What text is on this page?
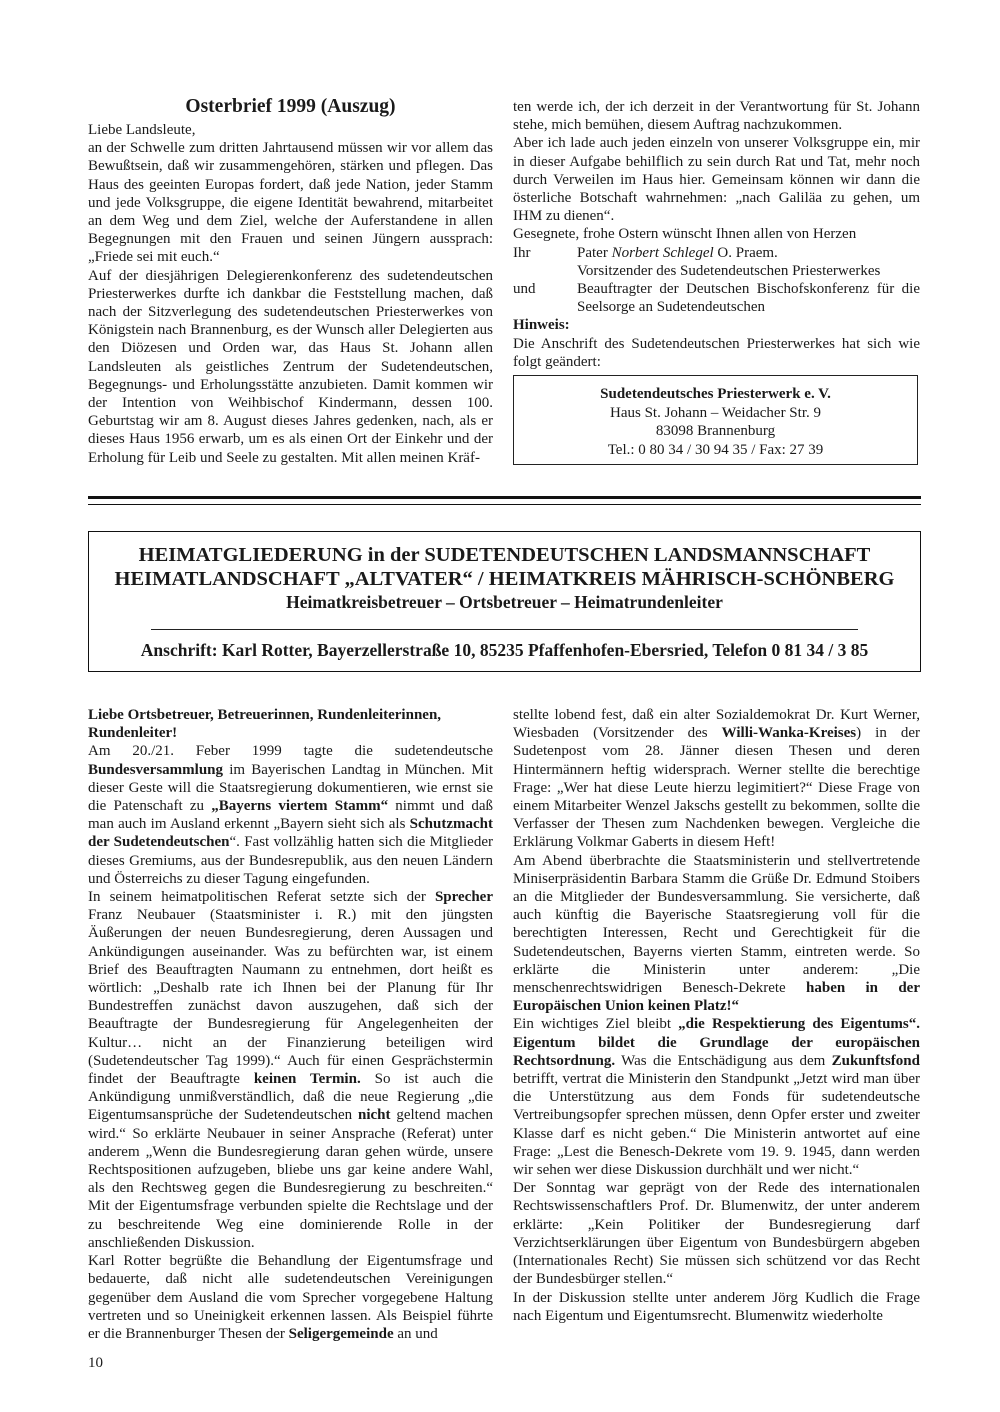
Osterbrief 1999 (Auszug)

Liebe Landsleute,

an der Schwelle zum dritten Jahrtausend müssen wir vor allem das Bewußtsein, daß wir zusammengehören, stärken und pflegen. Das Haus des geeinten Europas fordert, daß jede Nation, jeder Stamm und jede Volksgruppe, die eigene Identität bewahrend, mitarbeitet an dem Weg und dem Ziel, welche der Auferstandene in allen Begegnungen mit den Frauen und seinen Jüngern aussprach: „Friede sei mit euch.“

Auf der diesjährigen Delegierenkonferenz des sudetendeutschen Priesterwerkes durfte ich dankbar die Feststellung machen, daß nach der Sitzverlegung des sudetendeutschen Priesterwerkes von Königstein nach Brannenburg, es der Wunsch aller Delegierten aus den Diözesen und Orden war, das Haus St. Johann allen Landsleuten als geistliches Zentrum der Sudetendeutschen, Begegnungs- und Erholungsstätte anzubieten. Damit kommen wir der Intention von Weihbischof Kindermann, dessen 100. Geburtstag wir am 8. August dieses Jahres gedenken, nach, als er dieses Haus 1956 erwarb, um es als einen Ort der Einkehr und der Erholung für Leib und Seele zu gestalten. Mit allen meinen Kräf-

ten werde ich, der ich derzeit in der Verantwortung für St. Johann stehe, mich bemühen, diesem Auftrag nachzukommen.

Aber ich lade auch jeden einzeln von unserer Volksgruppe ein, mir in dieser Aufgabe behilflich zu sein durch Rat und Tat, mehr noch durch Verweilen im Haus hier. Gemeinsam können wir dann die österliche Botschaft wahrnehmen: „nach Galiläa zu gehen, um IHM zu dienen“.

Gesegnete, frohe Ostern wünscht Ihnen allen von Herzen

Ihr	Pater Norbert Schlegel O. Praem.
Vorsitzender des Sudetendeutschen Priesterwerkes
und	Beauftragter der Deutschen Bischofskonferenz für die Seelsorge an Sudetendeutschen

Hinweis:

Die Anschrift des Sudetendeutschen Priesterwerkes hat sich wie folgt geändert:

Sudetendeutsches Priesterwerk e. V.
Haus St. Johann – Weidacher Str. 9
83098 Brannenburg
Tel.: 0 80 34 / 30 94 35 / Fax: 27 39
HEIMATGLIEDERUNG in der SUDETENDEUTSCHEN LANDSMANNSCHAFT
HEIMATLANDSCHAFT „ALTVATER“ / HEIMATKREIS MÄHRISCH-SCHÖNBERG
Heimatkreisbetreuer – Ortsbetreuer – Heimatrundenleiter
Anschrift: Karl Rotter, Bayerzellerstraße 10, 85235 Pfaffenhofen-Ebersried, Telefon 0 81 34 / 3 85

Liebe Ortsbetreuer, Betreuerinnen, Rundenleiterinnen, Rundenleiter!

Am 20./21. Feber 1999 tagte die sudetendeutsche Bundesversammlung im Bayerischen Landtag in München. Mit dieser Geste will die Staatsregierung dokumentieren, wie ernst sie die Patenschaft zu „Bayerns viertem Stamm“ nimmt und daß man auch im Ausland erkennt „Bayern sieht sich als Schutzmacht der Sudetendeutschen“. Fast vollzählig hatten sich die Mitglieder dieses Gremiums, aus der Bundesrepublik, aus den neuen Ländern und Österreichs zu dieser Tagung eingefunden.

In seinem heimatpolitischen Referat setzte sich der Sprecher Franz Neubauer (Staatsminister i. R.) mit den jüngsten Äußerungen der neuen Bundesregierung, deren Aussagen und Ankündigungen auseinander. Was zu befürchten war, ist einem Brief des Beauftragten Naumann zu entnehmen, dort heißt es wörtlich: „Deshalb rate ich Ihnen bei der Planung für Ihr Bundestreffen zunächst davon auszugehen, daß sich der Beauftragte der Bundesregierung für Angelegenheiten der Kultur… nicht an der Finanzierung beteiligen wird (Sudetendeutscher Tag 1999).“ Auch für einen Gesprächstermin findet der Beauftragte keinen Termin. So ist auch die Ankündigung unmißverständlich, daß die neue Regierung „die Eigentumsansprüche der Sudetendeutschen nicht geltend machen wird.“ So erklärte Neubauer in seiner Ansprache (Referat) unter anderem „Wenn die Bundesregierung daran gehen würde, unsere Rechtspositionen aufzugeben, bliebe uns gar keine andere Wahl, als den Rechtsweg gegen die Bundesregierung zu beschreiten.“ Mit der Eigentumsfrage verbunden spielte die Rechtslage und der zu beschreitende Weg eine dominierende Rolle in der anschließenden Diskussion.

Karl Rotter begrüßte die Behandlung der Eigentumsfrage und bedauerte, daß nicht alle sudetendeutschen Vereinigungen gegenüber dem Ausland die vom Sprecher vorgegebene Haltung vertreten und so Uneinigkeit erkennen lassen. Als Beispiel führte er die Brannenburger Thesen der Seligergemeinde an und

stellte lobend fest, daß ein alter Sozialdemokrat Dr. Kurt Werner, Wiesbaden (Vorsitzender des Willi-Wanka-Kreises) in der Sudetenpost vom 28. Jänner diesen Thesen und deren Hintermännern heftig widersprach. Werner stellte die berechtige Frage: „Wer hat diese Leute hierzu legimitiert?“ Diese Frage von einem Mitarbeiter Wenzel Jakschs gestellt zu bekommen, sollte die Verfasser der Thesen zum Nachdenken bewegen. Vergleiche die Erklärung Volkmar Gaberts in diesem Heft!

Am Abend überbrachte die Staatsministerin und stellvertretende Miniserpräsidentin Barbara Stamm die Grüße Dr. Edmund Stoibers an die Mitglieder der Bundesversammlung. Sie versicherte, daß auch künftig die Bayerische Staatsregierung voll für die berechtigten Interessen, Recht und Gerechtigkeit für die Sudetendeutschen, Bayerns vierten Stamm, eintreten werde. So erklärte die Ministerin unter anderem: „Die menschenrechtswidrigen Benesch-Dekrete haben in der Europäischen Union keinen Platz!“

Ein wichtiges Ziel bleibt „die Respektierung des Eigentums“. Eigentum bildet die Grundlage der europäischen Rechtsordnung. Was die Entschädigung aus dem Zukunftsfond betrifft, vertrat die Ministerin den Standpunkt „Jetzt wird man über die Unterstützung aus dem Fonds für sudetendeutsche Vertreibungsopfer sprechen müssen, denn Opfer erster und zweiter Klasse darf es nicht geben.“ Die Ministerin antwortet auf eine Frage: „Lest die Benesch-Dekrete vom 19. 9. 1945, dann werden wir sehen wer diese Diskussion durchhält und wer nicht.“

Der Sonntag war geprägt von der Rede des internationalen Rechtswissenschaftlers Prof. Dr. Blumenwitz, der unter anderem erklärte: „Kein Politiker der Bundesregierung darf Verzichtserklärungen über Eigentum von Bundesbürgern abgeben (Internationales Recht) Sie müssen sich schützend vor das Recht der Bundesbürger stellen.“

In der Diskussion stellte unter anderem Jörg Kudlich die Frage nach Eigentum und Eigentumsrecht. Blumenwitz wiederholte

10
